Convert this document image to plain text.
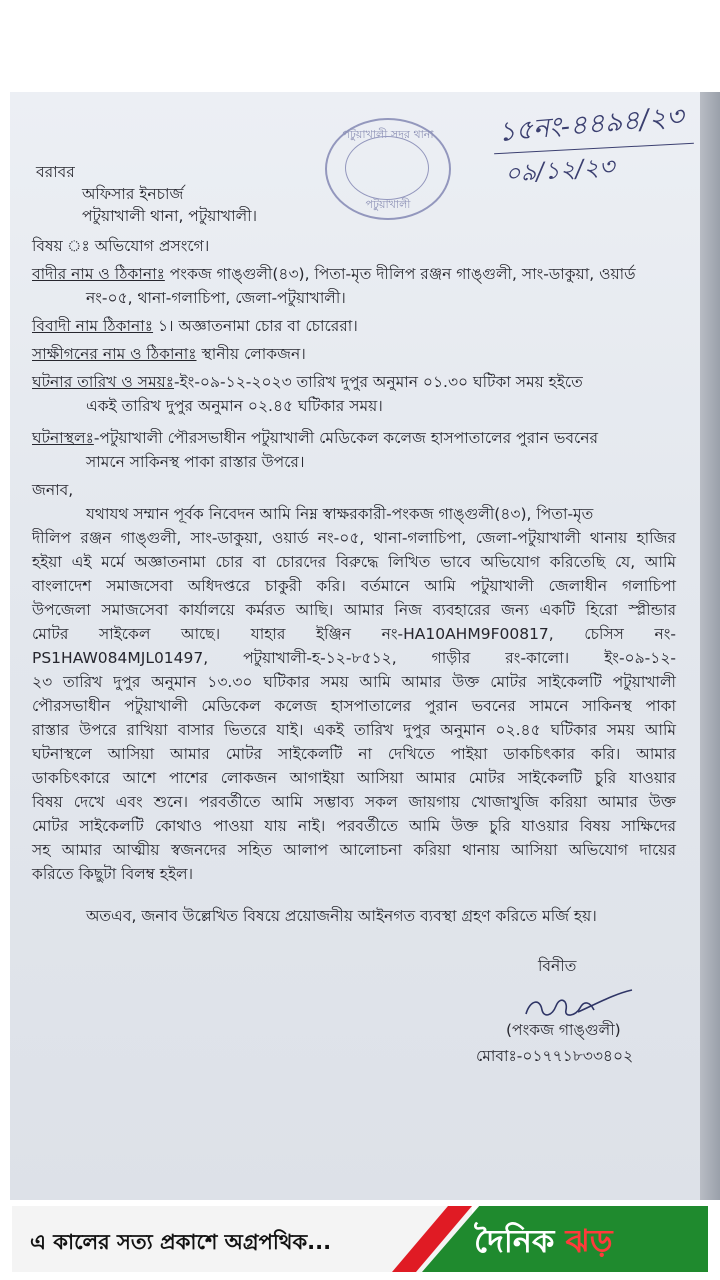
পটুয়াখালী সদর থানা
পটুয়াখালী
১৫নং-৪৪৯৪/২৩
০৯/১২/২৩
বরাবর
অফিসার ইনচার্জ
পটুয়াখালী থানা, পটুয়াখালী।
বিষয় ঃ অভিযোগ প্রসংগে।
বাদীর নাম ও ঠিকানাঃ পংকজ গাঙ্গুলী(৪৩), পিতা-মৃত দীলিপ রঞ্জন গাঙ্গুলী, সাং-ডাকুয়া, ওয়ার্ড
নং-০৫, থানা-গলাচিপা, জেলা-পটুয়াখালী।
বিবাদী নাম ঠিকানাঃ ১। অজ্ঞাতনামা চোর বা চোরেরা।
সাক্ষীগনের নাম ও ঠিকানাঃ স্থানীয় লোকজন।
ঘটনার তারিখ ও সময়ঃ-ইং-০৯-১২-২০২৩ তারিখ দুপুর অনুমান ০১.৩০ ঘটিকা সময় হইতে
একই তারিখ দুপুর অনুমান ০২.৪৫ ঘটিকার সময়।
ঘটনাস্থলঃ-পটুয়াখালী পৌরসভাধীন পটুয়াখালী মেডিকেল কলেজ হাসপাতালের পুরান ভবনের
সামনে সাকিনস্থ পাকা রাস্তার উপরে।
জনাব,
যথাযথ সম্মান পূর্বক নিবেদন আমি নিম্ন স্বাক্ষরকারী-পংকজ গাঙ্গুলী(৪৩), পিতা-মৃত
দীলিপ রঞ্জন গাঙ্গুলী, সাং-ডাকুয়া, ওয়ার্ড নং-০৫, থানা-গলাচিপা, জেলা-পটুয়াখালী থানায় হাজির
হইয়া এই মর্মে অজ্ঞাতনামা চোর বা চোরদের বিরুদ্ধে লিখিত ভাবে অভিযোগ করিতেছি যে, আমি
বাংলাদেশ সমাজসেবা অধিদপ্তরে চাকুরী করি। বর্তমানে আমি পটুয়াখালী জেলাধীন গলাচিপা
উপজেলা সমাজসেবা কার্যালয়ে কর্মরত আছি। আমার নিজ ব্যবহারের জন্য একটি হিরো স্প্লীন্ডার
মোটর সাইকেল আছে। যাহার ইঞ্জিন নং-HA10AHM9F00817, চেসিস নং-
PS1HAW084MJL01497, পটুয়াখালী-হ-১২-৮৫১২, গাড়ীর রং-কালো। ইং-০৯-১২-
২৩ তারিখ দুপুর অনুমান ১৩.৩০ ঘটিকার সময় আমি আমার উক্ত মোটর সাইকেলটি পটুয়াখালী
পৌরসভাধীন পটুয়াখালী মেডিকেল কলেজ হাসপাতালের পুরান ভবনের সামনে সাকিনস্থ পাকা
রাস্তার উপরে রাখিয়া বাসার ভিতরে যাই। একই তারিখ দুপুর অনুমান ০২.৪৫ ঘটিকার সময় আমি
ঘটনাস্থলে আসিয়া আমার মোটর সাইকেলটি না দেখিতে পাইয়া ডাকচিৎকার করি। আমার
ডাকচিৎকারে আশে পাশের লোকজন আগাইয়া আসিয়া আমার মোটর সাইকেলটি চুরি যাওয়ার
বিষয় দেখে এবং শুনে। পরবর্তীতে আমি সম্ভাব্য সকল জায়গায় খোজাখুজি করিয়া আমার উক্ত
মোটর সাইকেলটি কোথাও পাওয়া যায় নাই। পরবর্তীতে আমি উক্ত চুরি যাওয়ার বিষয় সাক্ষিদের
সহ আমার আত্মীয় স্বজনদের সহিত আলাপ আলোচনা করিয়া থানায় আসিয়া অভিযোগ দায়ের
করিতে কিছুটা বিলম্ব হইল।
অতএব, জনাব উল্লেখিত বিষয়ে প্রয়োজনীয় আইনগত ব্যবস্থা গ্রহণ করিতে মর্জি হয়।
বিনীত
(পংকজ গাঙ্গুলী)
মোবাঃ-০১৭৭১৮৩৩৪০২
এ কালের সত্য প্রকাশে অগ্রপথিক...	দৈনিক ঝড়
